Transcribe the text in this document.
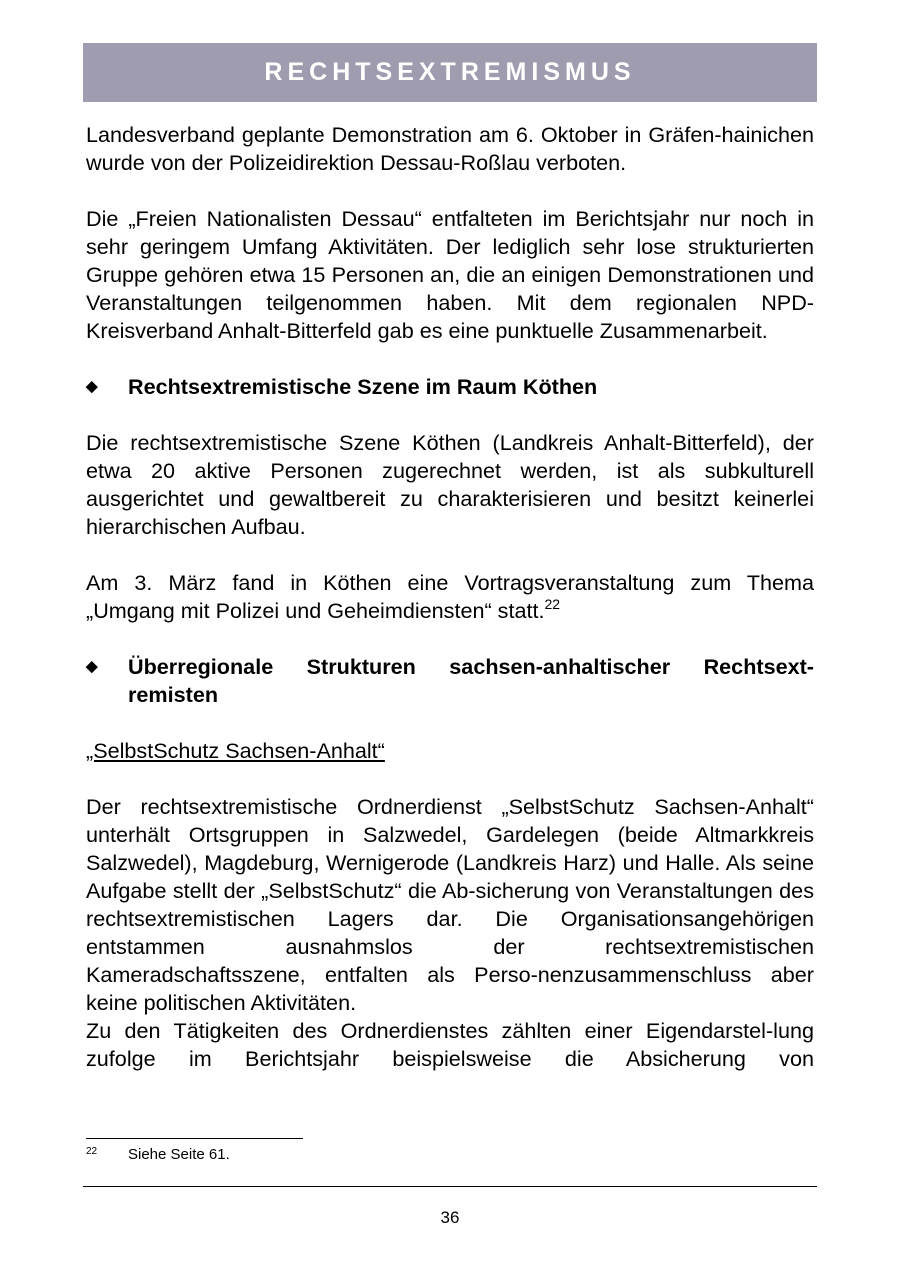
RECHTSEXTREMISMUS

Landesverband geplante Demonstration am 6. Oktober in Gräfen-hainichen wurde von der Polizeidirektion Dessau-Roßlau verboten.

Die „Freien Nationalisten Dessau“ entfalteten im Berichtsjahr nur noch in sehr geringem Umfang Aktivitäten. Der lediglich sehr lose strukturierten Gruppe gehören etwa 15 Personen an, die an einigen Demonstrationen und Veranstaltungen teilgenommen haben. Mit dem regionalen NPD-Kreisverband Anhalt-Bitterfeld gab es eine punktuelle Zusammenarbeit.

◆	Rechtsextremistische Szene im Raum Köthen

Die rechtsextremistische Szene Köthen (Landkreis Anhalt-Bitterfeld), der etwa 20 aktive Personen zugerechnet werden, ist als subkulturell ausgerichtet und gewaltbereit zu charakterisieren und besitzt keinerlei hierarchischen Aufbau.

Am 3. März fand in Köthen eine Vortragsveranstaltung zum Thema „Umgang mit Polizei und Geheimdiensten“ statt.$^{22}$

◆	Überregionale Strukturen sachsen-anhaltischer Rechtsext-remisten

„SelbstSchutz Sachsen-Anhalt“

Der rechtsextremistische Ordnerdienst „SelbstSchutz Sachsen-Anhalt“ unterhält Ortsgruppen in Salzwedel, Gardelegen (beide Altmarkkreis Salzwedel), Magdeburg, Wernigerode (Landkreis Harz) und Halle. Als seine Aufgabe stellt der „SelbstSchutz“ die Ab-sicherung von Veranstaltungen des rechtsextremistischen Lagers dar. Die Organisationsangehörigen entstammen ausnahmslos der rechtsextremistischen Kameradschaftsszene, entfalten als Perso-nenzusammenschluss aber keine politischen Aktivitäten.

Zu den Tätigkeiten des Ordnerdienstes zählten einer Eigendarstel-lung zufolge im Berichtsjahr beispielsweise die Absicherung von

22	Siehe Seite 61.
36
